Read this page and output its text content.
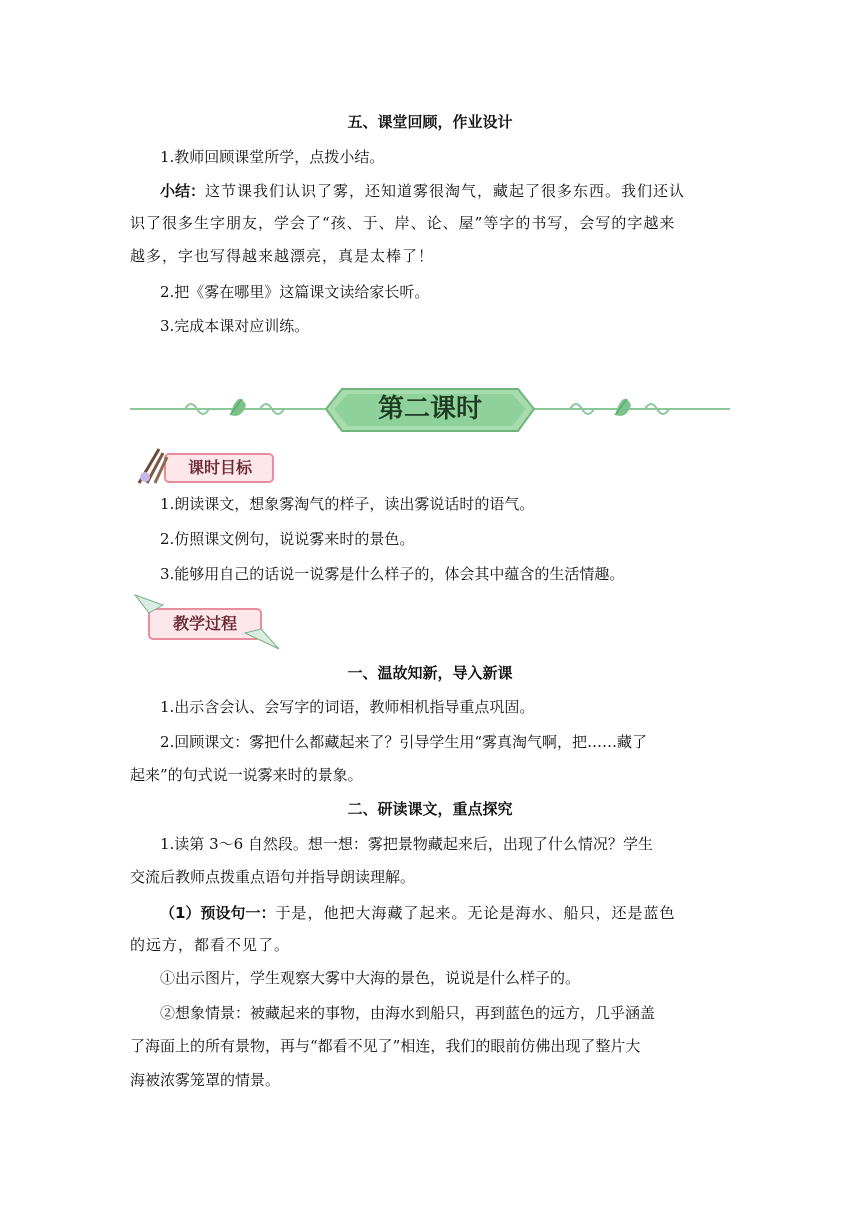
五、课堂回顾，作业设计
1.教师回顾课堂所学，点拨小结。
小结：这节课我们认识了雾，还知道雾很淘气，藏起了很多东西。我们还认
识了很多生字朋友，学会了“孩、于、岸、论、屋”等字的书写，会写的字越来
越多，字也写得越来越漂亮，真是太棒了！
2.把《雾在哪里》这篇课文读给家长听。
3.完成本课对应训练。
第二课时
课时目标
1.朗读课文，想象雾淘气的样子，读出雾说话时的语气。
2.仿照课文例句，说说雾来时的景色。
3.能够用自己的话说一说雾是什么样子的，体会其中蕴含的生活情趣。
教学过程
一、温故知新，导入新课
1.出示含会认、会写字的词语，教师相机指导重点巩固。
2.回顾课文：雾把什么都藏起来了？引导学生用“雾真淘气啊，把……藏了
起来”的句式说一说雾来时的景象。
二、研读课文，重点探究
1.读第 3～6 自然段。想一想：雾把景物藏起来后，出现了什么情况？学生
交流后教师点拨重点语句并指导朗读理解。
（1）预设句一：于是，他把大海藏了起来。无论是海水、船只，还是蓝色
的远方，都看不见了。
①出示图片，学生观察大雾中大海的景色，说说是什么样子的。
②想象情景：被藏起来的事物，由海水到船只，再到蓝色的远方，几乎涵盖
了海面上的所有景物，再与“都看不见了”相连，我们的眼前仿佛出现了整片大
海被浓雾笼罩的情景。
